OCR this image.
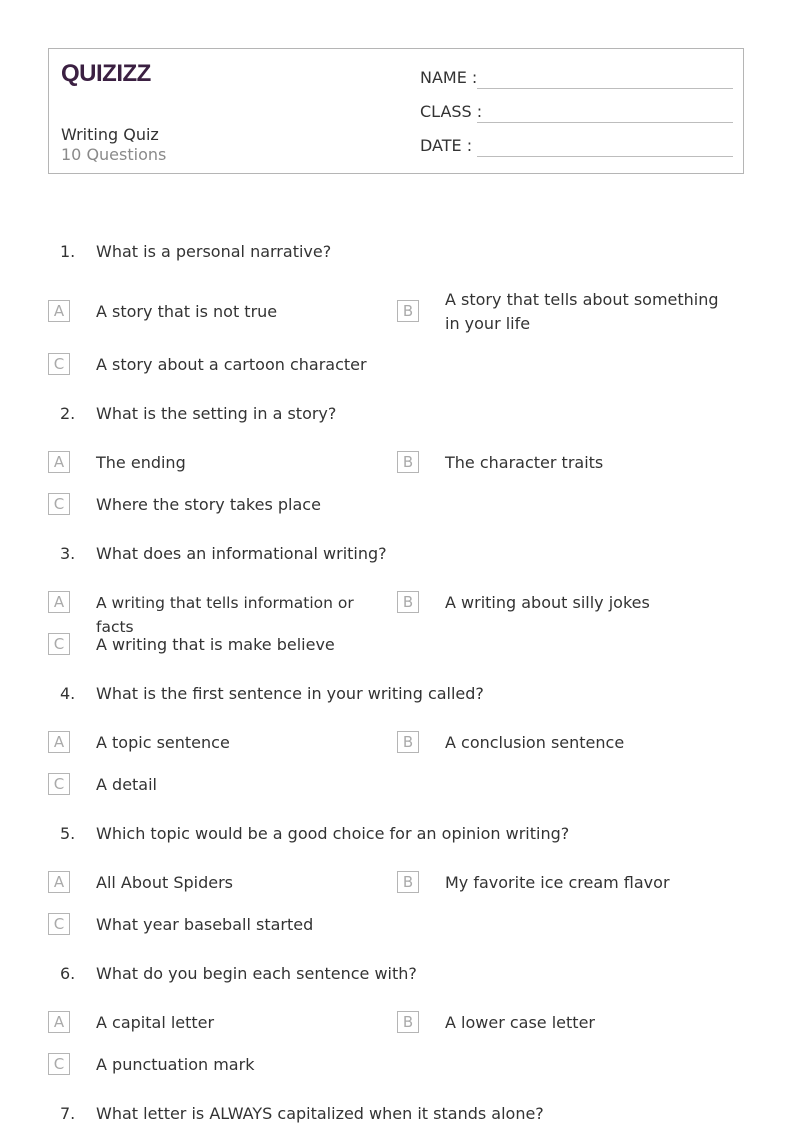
QUIZIZZ
Writing Quiz
10 Questions
NAME :
CLASS :
DATE :
1. What is a personal narrative?
A	A story that is not true	B
A story that tells about something in your life
C	A story about a cartoon character
2. What is the setting in a story?
A	The ending	B	The character traits
C	Where the story takes place
3. What does an informational writing?
A	A writing that tells information or facts
B	A writing about silly jokes
C	A writing that is make believe
4. What is the first sentence in your writing called?
A	A topic sentence	B	A conclusion sentence
C	A detail
5. Which topic would be a good choice for an opinion writing?
A	All About Spiders	B	My favorite ice cream flavor
C	What year baseball started
6. What do you begin each sentence with?
A	A capital letter	B	A lower case letter
C	A punctuation mark
7. What letter is ALWAYS capitalized when it stands alone?
